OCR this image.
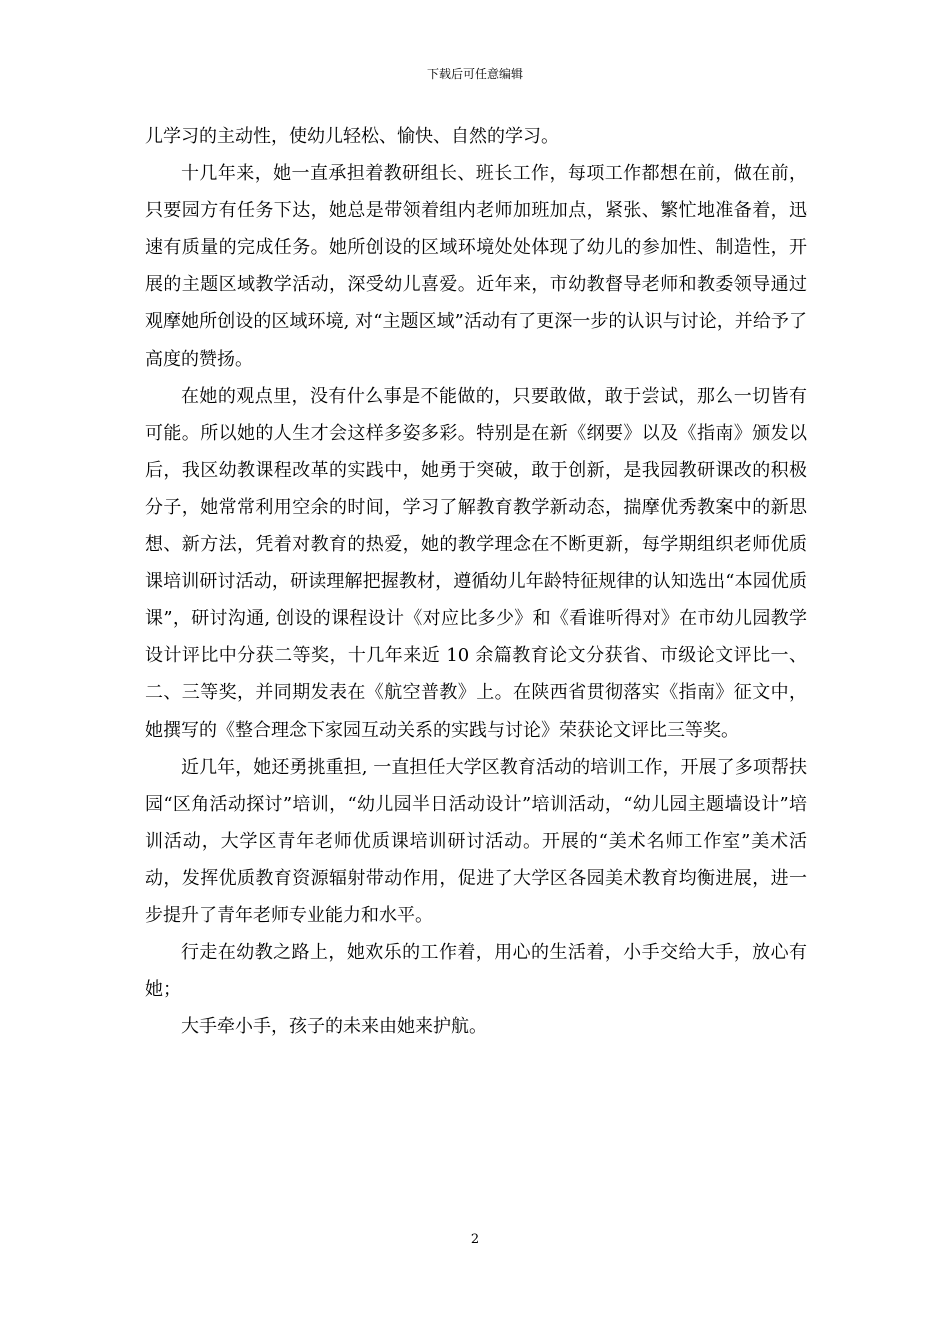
下载后可任意编辑

儿学习的主动性，使幼儿轻松、愉快、自然的学习。

十几年来，她一直承担着教研组长、班长工作，每项工作都想在前，做在前，只要园方有任务下达，她总是带领着组内老师加班加点，紧张、繁忙地准备着，迅速有质量的完成任务。她所创设的区域环境处处体现了幼儿的参加性、制造性，开展的主题区域教学活动，深受幼儿喜爱。近年来，市幼教督导老师和教委领导通过观摩她所创设的区域环境, 对“主题区域”活动有了更深一步的认识与讨论，并给予了高度的赞扬。

在她的观点里，没有什么事是不能做的，只要敢做，敢于尝试，那么一切皆有可能。所以她的人生才会这样多姿多彩。特别是在新《纲要》以及《指南》颁发以后，我区幼教课程改革的实践中，她勇于突破，敢于创新，是我园教研课改的积极分子，她常常利用空余的时间，学习了解教育教学新动态，揣摩优秀教案中的新思想、新方法，凭着对教育的热爱，她的教学理念在不断更新，每学期组织老师优质课培训研讨活动，研读理解把握教材，遵循幼儿年龄特征规律的认知选出“本园优质课”，研讨沟通, 创设的课程设计《对应比多少》和《看谁听得对》在市幼儿园教学设计评比中分获二等奖，十几年来近 10 余篇教育论文分获省、市级论文评比一、二、三等奖，并同期发表在《航空普教》上。在陕西省贯彻落实《指南》征文中，她撰写的《整合理念下家园互动关系的实践与讨论》荣获论文评比三等奖。

近几年，她还勇挑重担, 一直担任大学区教育活动的培训工作，开展了多项帮扶园“区角活动探讨”培训，“幼儿园半日活动设计”培训活动，“幼儿园主题墙设计”培训活动，大学区青年老师优质课培训研讨活动。开展的“美术名师工作室”美术活动，发挥优质教育资源辐射带动作用，促进了大学区各园美术教育均衡进展，进一步提升了青年老师专业能力和水平。

行走在幼教之路上，她欢乐的工作着，用心的生活着，小手交给大手，放心有她；

大手牵小手，孩子的未来由她来护航。

2
